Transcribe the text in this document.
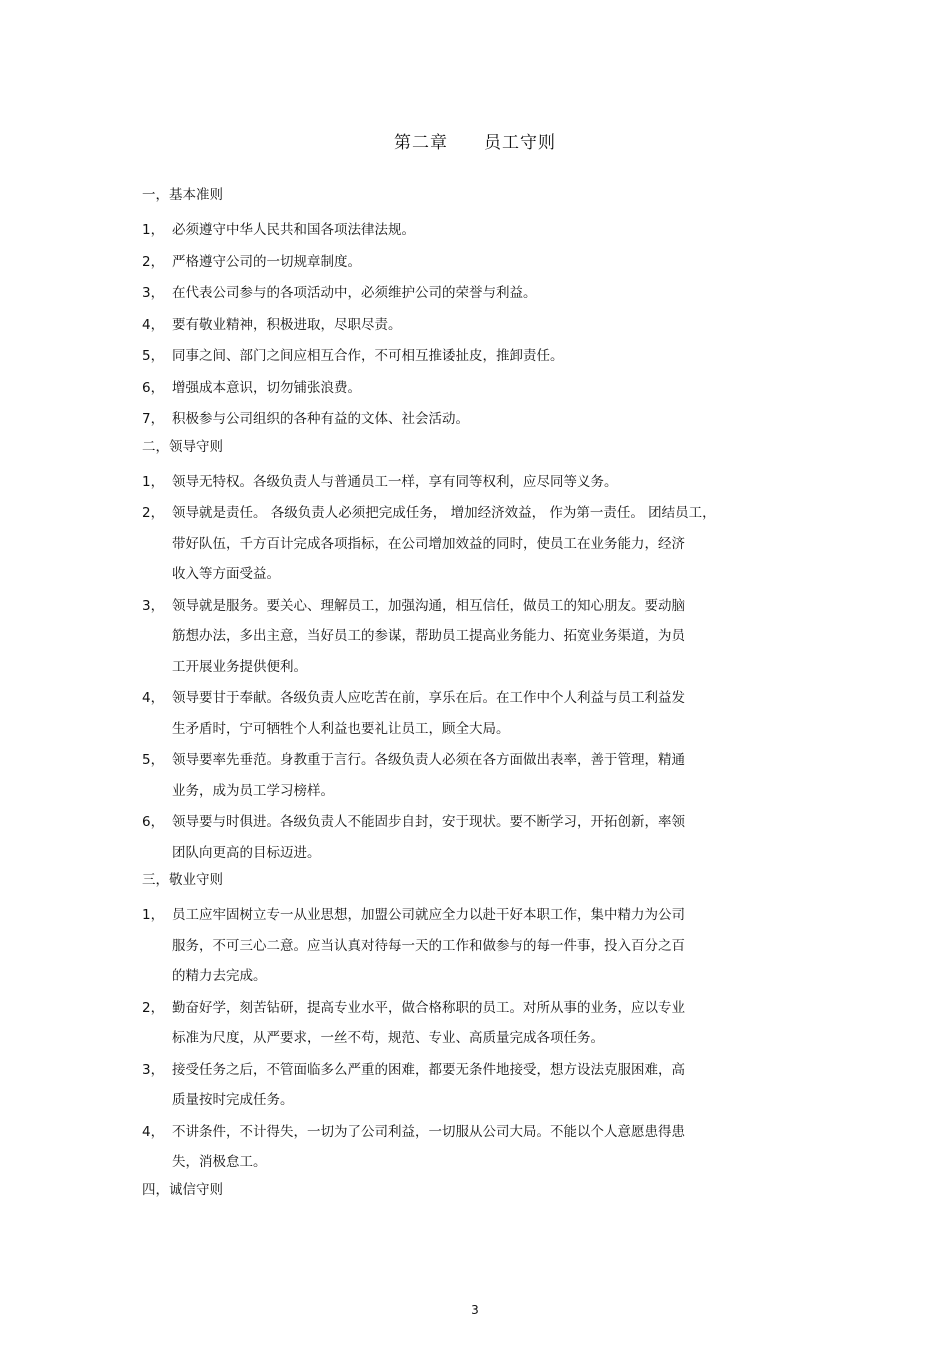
第二章 员工守则
一，基本准则
1， 必须遵守中华人民共和国各项法律法规。
2， 严格遵守公司的一切规章制度。
3， 在代表公司参与的各项活动中，必须维护公司的荣誉与利益。
4， 要有敬业精神，积极进取，尽职尽责。
5， 同事之间、部门之间应相互合作，不可相互推诿扯皮，推卸责任。
6， 增强成本意识，切勿铺张浪费。
7， 积极参与公司组织的各种有益的文体、社会活动。
二，领导守则
1， 领导无特权。各级负责人与普通员工一样，享有同等权利，应尽同等义务。
2， 领导就是责任。 各级负责人必须把完成任务， 增加经济效益， 作为第一责任。 团结员工，
带好队伍，千方百计完成各项指标，在公司增加效益的同时，使员工在业务能力，经济
收入等方面受益。
3， 领导就是服务。要关心、理解员工，加强沟通，相互信任，做员工的知心朋友。要动脑
筋想办法，多出主意，当好员工的参谋，帮助员工提高业务能力、拓宽业务渠道，为员
工开展业务提供便利。
4， 领导要甘于奉献。各级负责人应吃苦在前，享乐在后。在工作中个人利益与员工利益发
生矛盾时，宁可牺牲个人利益也要礼让员工，顾全大局。
5， 领导要率先垂范。身教重于言行。各级负责人必须在各方面做出表率，善于管理，精通
业务，成为员工学习榜样。
6， 领导要与时俱进。各级负责人不能固步自封，安于现状。要不断学习，开拓创新，率领
团队向更高的目标迈进。
三，敬业守则
1， 员工应牢固树立专一从业思想，加盟公司就应全力以赴干好本职工作，集中精力为公司
服务，不可三心二意。应当认真对待每一天的工作和做参与的每一件事，投入百分之百
的精力去完成。
2， 勤奋好学，刻苦钻研，提高专业水平，做合格称职的员工。对所从事的业务，应以专业
标准为尺度，从严要求，一丝不苟，规范、专业、高质量完成各项任务。
3， 接受任务之后，不管面临多么严重的困难，都要无条件地接受，想方设法克服困难，高
质量按时完成任务。
4， 不讲条件，不计得失，一切为了公司利益，一切服从公司大局。不能以个人意愿患得患
失，消极怠工。
四，诚信守则
3
